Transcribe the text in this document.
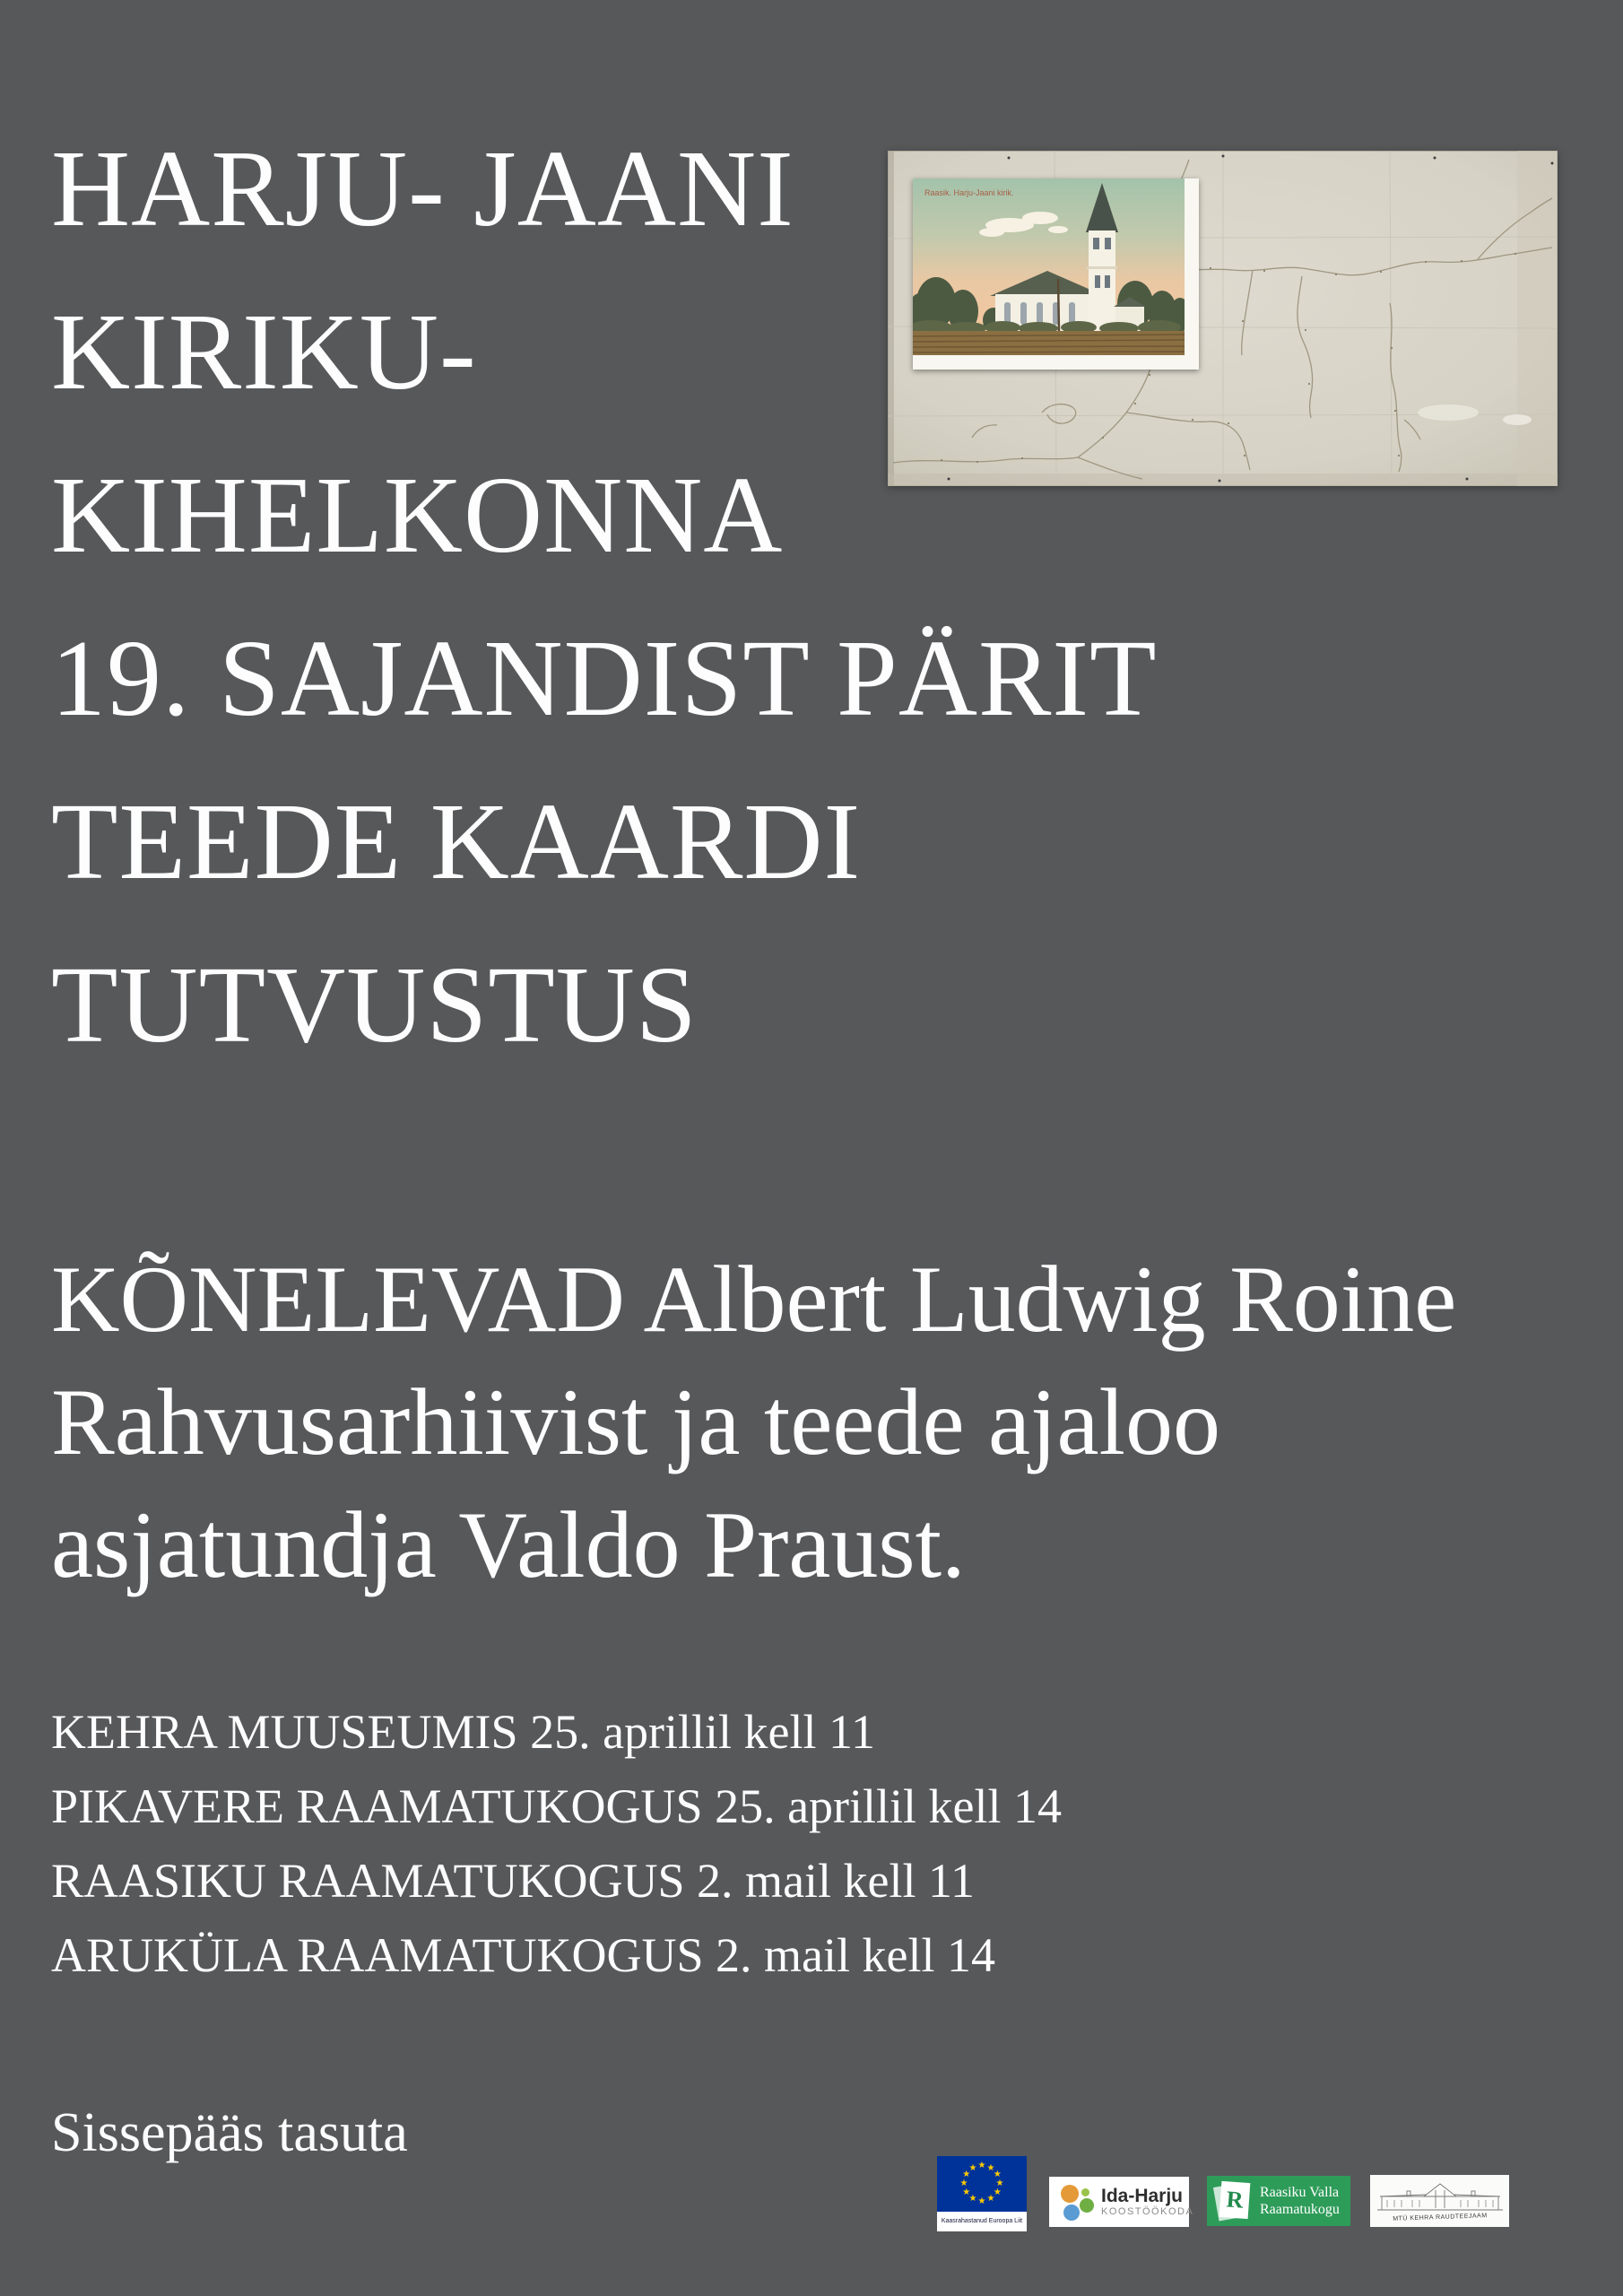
HARJU- JAANI
KIRIKU-
KIHELKONNA
19. SAJANDIST PÄRIT
TEEDE KAARDI
TUTVUSTUS
Raasik. Harju-Jaani kirik.
KÕNELEVAD Albert Ludwig Roine
Rahvusarhiivist ja teede ajaloo
asjatundja Valdo Praust.
KEHRA MUUSEUMIS 25. aprillil kell 11
PIKAVERE RAAMATUKOGUS 25. aprillil kell 14
RAASIKU RAAMATUKOGUS 2. mail kell 11
ARUKÜLA RAAMATUKOGUS 2. mail kell 14
Sissepääs tasuta
★ ★
★
★
★
★
★
★
★
★
★
★
Kaasrahastanud Euroopa Liit
Ida-Harju
KOOSTÖÖKODA R	Raasiku Valla
Raamatukogu
MTÜ KEHRA RAUDTEEJAAM
